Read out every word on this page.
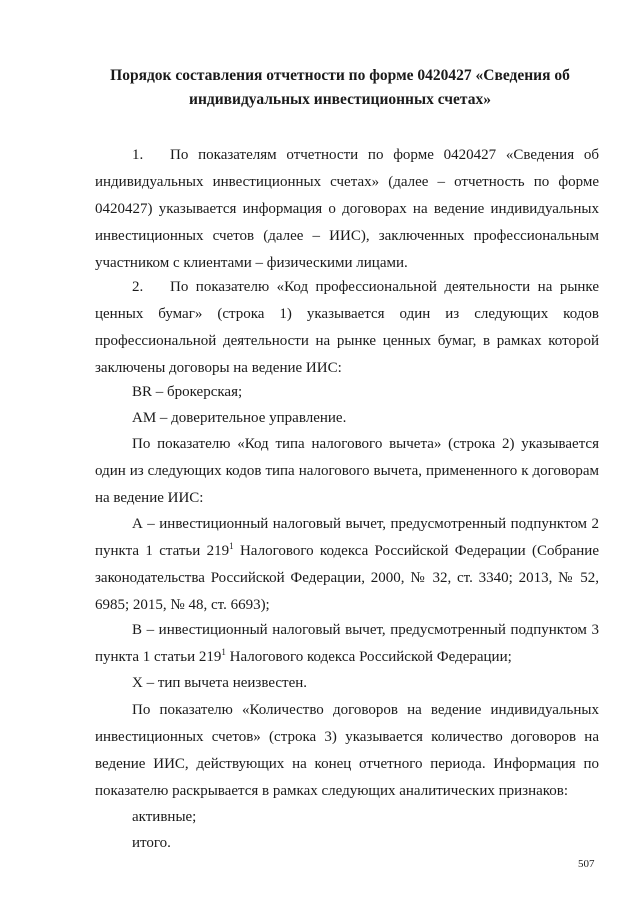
Порядок составления отчетности по форме 0420427 «Сведения об
индивидуальных инвестиционных счетах»
1. По показателям отчетности по форме 0420427 «Сведения об
индивидуальных инвестиционных счетах» (далее – отчетность по форме
0420427) указывается информация о договорах на ведение индивидуальных
инвестиционных счетов (далее – ИИС), заключенных профессиональным
участником с клиентами – физическими лицами.
2. По показателю «Код профессиональной деятельности на рынке
ценных бумаг» (строка 1) указывается один из следующих кодов
профессиональной деятельности на рынке ценных бумаг, в рамках которой
заключены договоры на ведение ИИС:
BR – брокерская;
AM – доверительное управление.
По показателю «Код типа налогового вычета» (строка 2) указывается
один из следующих кодов типа налогового вычета, примененного к договорам
на ведение ИИС:
А – инвестиционный налоговый вычет, предусмотренный подпунктом 2
пункта 1 статьи $219^1$ Налогового кодекса Российской Федерации (Собрание
законодательства Российской Федерации, 2000, № 32, ст. 3340; 2013, № 52,
6985; 2015, № 48, ст. 6693);
В – инвестиционный налоговый вычет, предусмотренный подпунктом 3
пункта 1 статьи $219^1$ Налогового кодекса Российской Федерации;
Х – тип вычета неизвестен.
По показателю «Количество договоров на ведение индивидуальных
инвестиционных счетов» (строка 3) указывается количество договоров на
ведение ИИС, действующих на конец отчетного периода. Информация по
показателю раскрывается в рамках следующих аналитических признаков:
активные;
итого.
507
